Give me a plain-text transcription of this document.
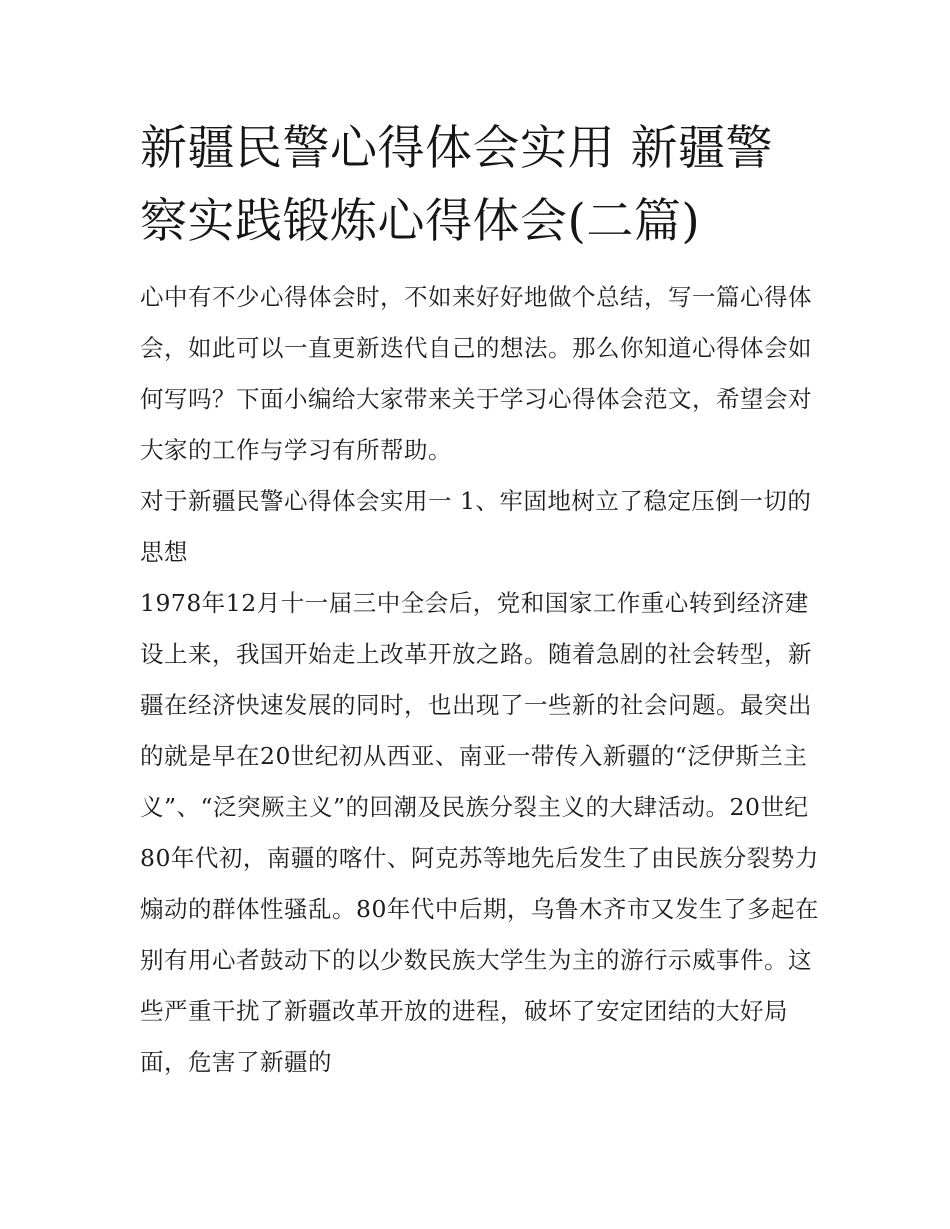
新疆民警心得体会实用 新疆警察实践锻炼心得体会(二篇)

心中有不少心得体会时，不如来好好地做个总结，写一篇心得体会，如此可以一直更新迭代自己的想法。那么你知道心得体会如何写吗？下面小编给大家带来关于学习心得体会范文，希望会对大家的工作与学习有所帮助。

对于新疆民警心得体会实用一 1、牢固地树立了稳定压倒一切的思想

1978年12月十一届三中全会后，党和国家工作重心转到经济建设上来，我国开始走上改革开放之路。随着急剧的社会转型，新疆在经济快速发展的同时，也出现了一些新的社会问题。最突出的就是早在20世纪初从西亚、南亚一带传入新疆的“泛伊斯兰主义”、“泛突厥主义”的回潮及民族分裂主义的大肆活动。20世纪80年代初，南疆的喀什、阿克苏等地先后发生了由民族分裂势力煽动的群体性骚乱。80年代中后期，乌鲁木齐市又发生了多起在别有用心者鼓动下的以少数民族大学生为主的游行示威事件。这些严重干扰了新疆改革开放的进程，破坏了安定团结的大好局面，危害了新疆的
